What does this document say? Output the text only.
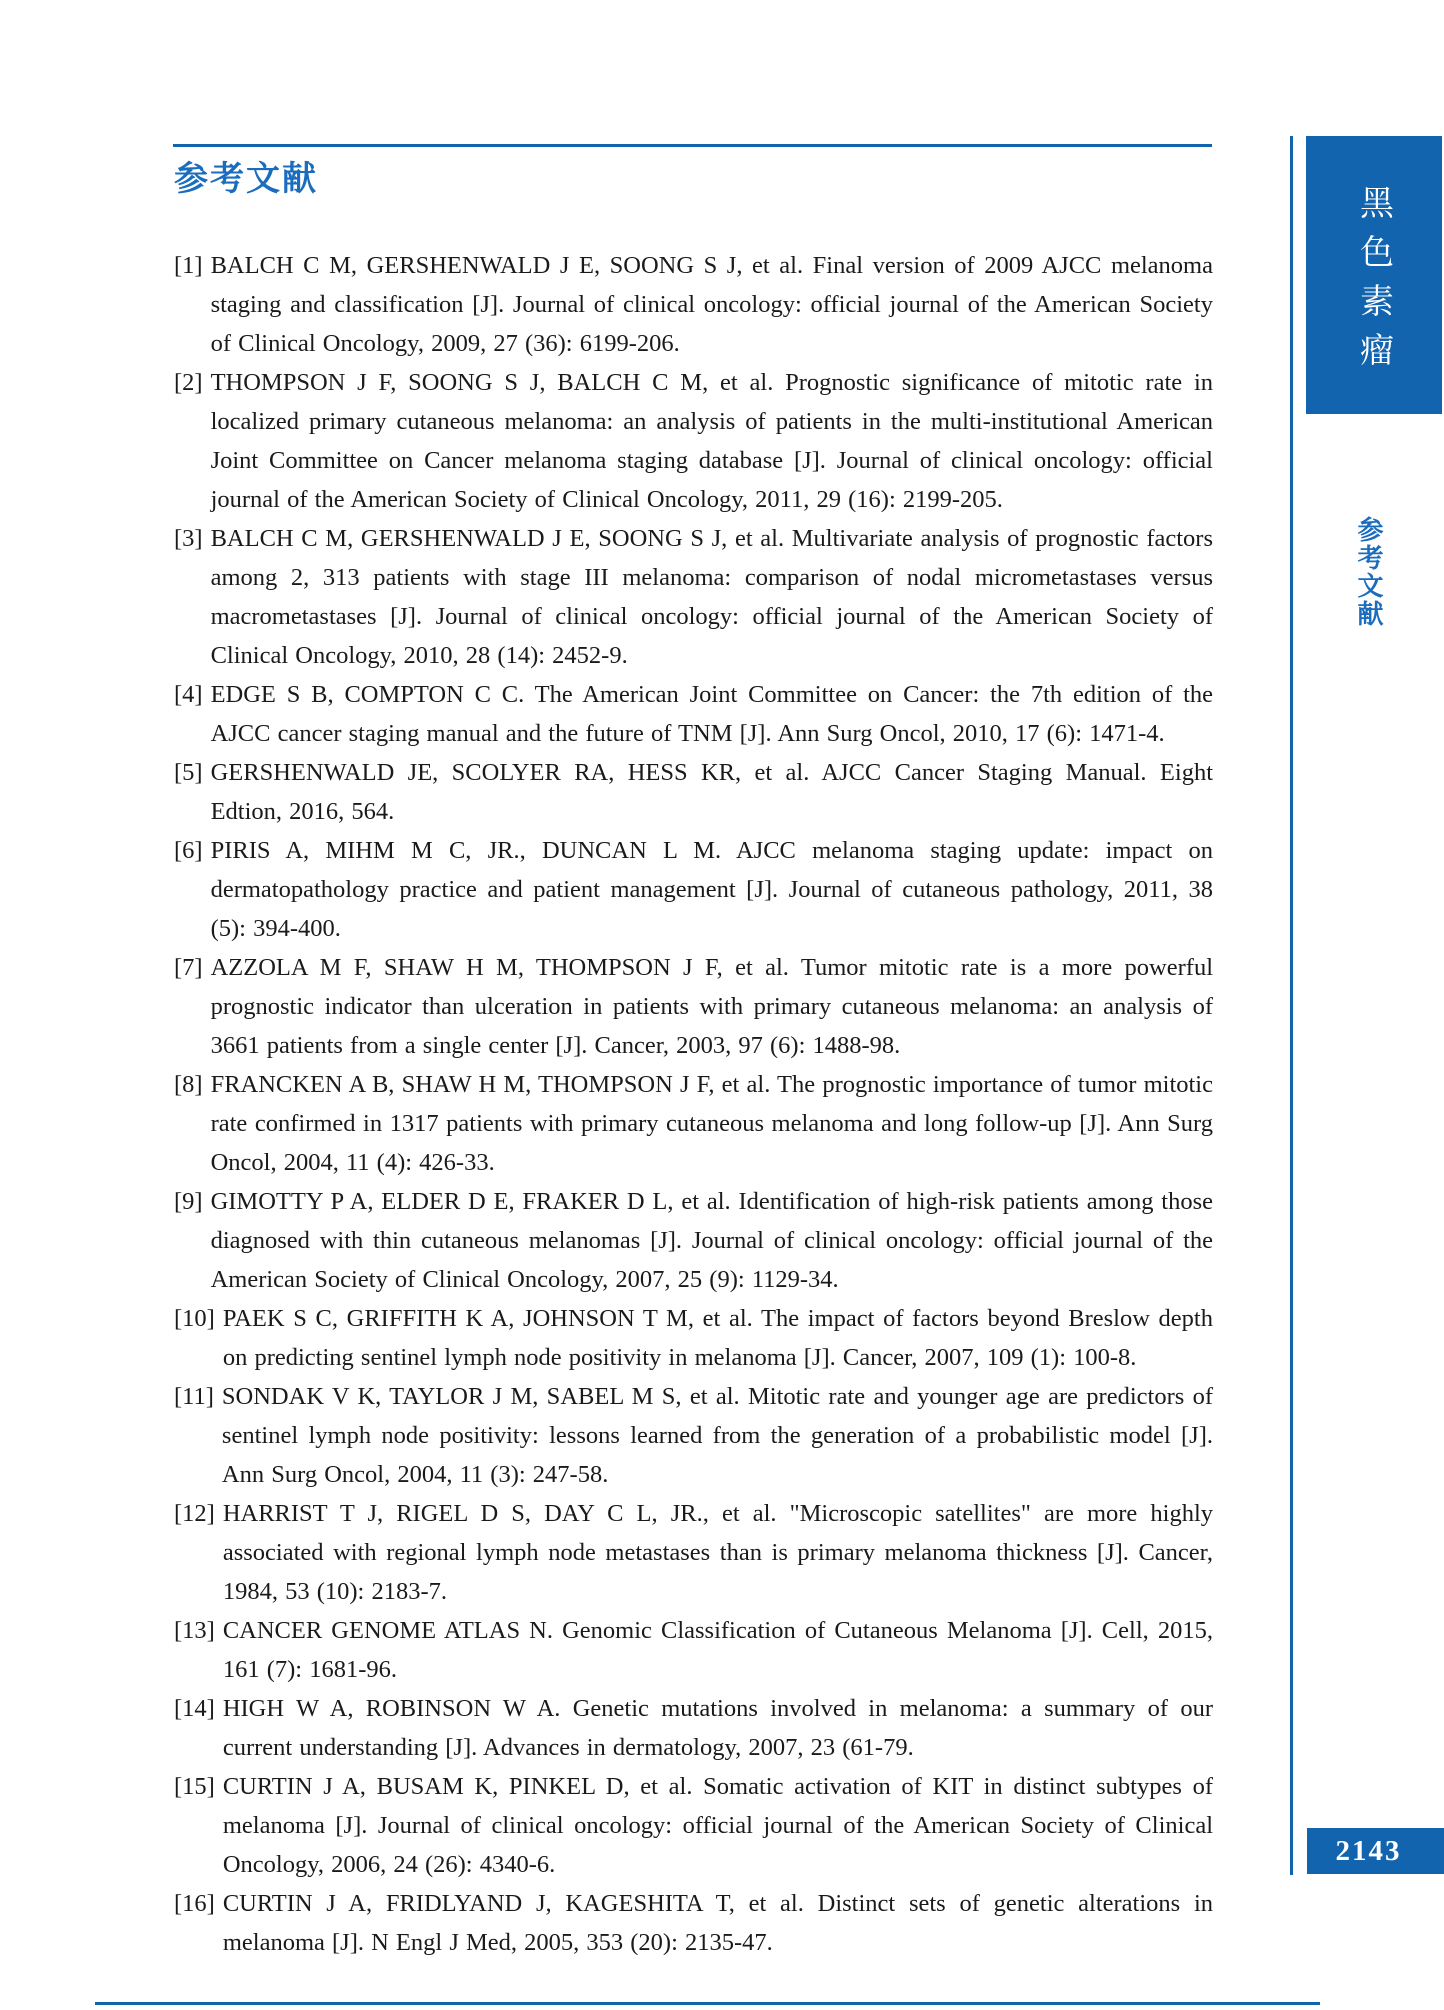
参考文献
[1] BALCH C M, GERSHENWALD J E, SOONG S J, et al. Final version of 2009 AJCC melanoma staging and classification [J]. Journal of clinical oncology: official journal of the American Society of Clinical Oncology, 2009, 27 (36): 6199-206.
[2] THOMPSON J F, SOONG S J, BALCH C M, et al. Prognostic significance of mitotic rate in localized primary cutaneous melanoma: an analysis of patients in the multi-institutional American Joint Committee on Cancer melanoma staging database [J]. Journal of clinical oncology: official journal of the American Society of Clinical Oncology, 2011, 29 (16): 2199-205.
[3] BALCH C M, GERSHENWALD J E, SOONG S J, et al. Multivariate analysis of prognostic factors among 2, 313 patients with stage III melanoma: comparison of nodal micrometastases versus macrometastases [J]. Journal of clinical oncology: official journal of the American Society of Clinical Oncology, 2010, 28 (14): 2452-9.
[4] EDGE S B, COMPTON C C. The American Joint Committee on Cancer: the 7th edition of the AJCC cancer staging manual and the future of TNM [J]. Ann Surg Oncol, 2010, 17 (6): 1471-4.
[5] GERSHENWALD JE, SCOLYER RA, HESS KR, et al. AJCC Cancer Staging Manual. Eight Edtion, 2016, 564.
[6] PIRIS A, MIHM M C, JR., DUNCAN L M. AJCC melanoma staging update: impact on dermatopathology practice and patient management [J]. Journal of cutaneous pathology, 2011, 38 (5): 394-400.
[7] AZZOLA M F, SHAW H M, THOMPSON J F, et al. Tumor mitotic rate is a more powerful prognostic indicator than ulceration in patients with primary cutaneous melanoma: an analysis of 3661 patients from a single center [J]. Cancer, 2003, 97 (6): 1488-98.
[8] FRANCKEN A B, SHAW H M, THOMPSON J F, et al. The prognostic importance of tumor mitotic rate confirmed in 1317 patients with primary cutaneous melanoma and long follow-up [J]. Ann Surg Oncol, 2004, 11 (4): 426-33.
[9] GIMOTTY P A, ELDER D E, FRAKER D L, et al. Identification of high-risk patients among those diagnosed with thin cutaneous melanomas [J]. Journal of clinical oncology: official journal of the American Society of Clinical Oncology, 2007, 25 (9): 1129-34.
[10] PAEK S C, GRIFFITH K A, JOHNSON T M, et al. The impact of factors beyond Breslow depth on predicting sentinel lymph node positivity in melanoma [J]. Cancer, 2007, 109 (1): 100-8.
[11] SONDAK V K, TAYLOR J M, SABEL M S, et al. Mitotic rate and younger age are predictors of sentinel lymph node positivity: lessons learned from the generation of a probabilistic model [J]. Ann Surg Oncol, 2004, 11 (3): 247-58.
[12] HARRIST T J, RIGEL D S, DAY C L, JR., et al. "Microscopic satellites" are more highly associated with regional lymph node metastases than is primary melanoma thickness [J]. Cancer, 1984, 53 (10): 2183-7.
[13] CANCER GENOME ATLAS N. Genomic Classification of Cutaneous Melanoma [J]. Cell, 2015, 161 (7): 1681-96.
[14] HIGH W A, ROBINSON W A. Genetic mutations involved in melanoma: a summary of our current understanding [J]. Advances in dermatology, 2007, 23 (61-79.
[15] CURTIN J A, BUSAM K, PINKEL D, et al. Somatic activation of KIT in distinct subtypes of melanoma [J]. Journal of clinical oncology: official journal of the American Society of Clinical Oncology, 2006, 24 (26): 4340-6.
[16] CURTIN J A, FRIDLYAND J, KAGESHITA T, et al. Distinct sets of genetic alterations in melanoma [J]. N Engl J Med, 2005, 353 (20): 2135-47.
黑色素瘤
参考文献
2143
